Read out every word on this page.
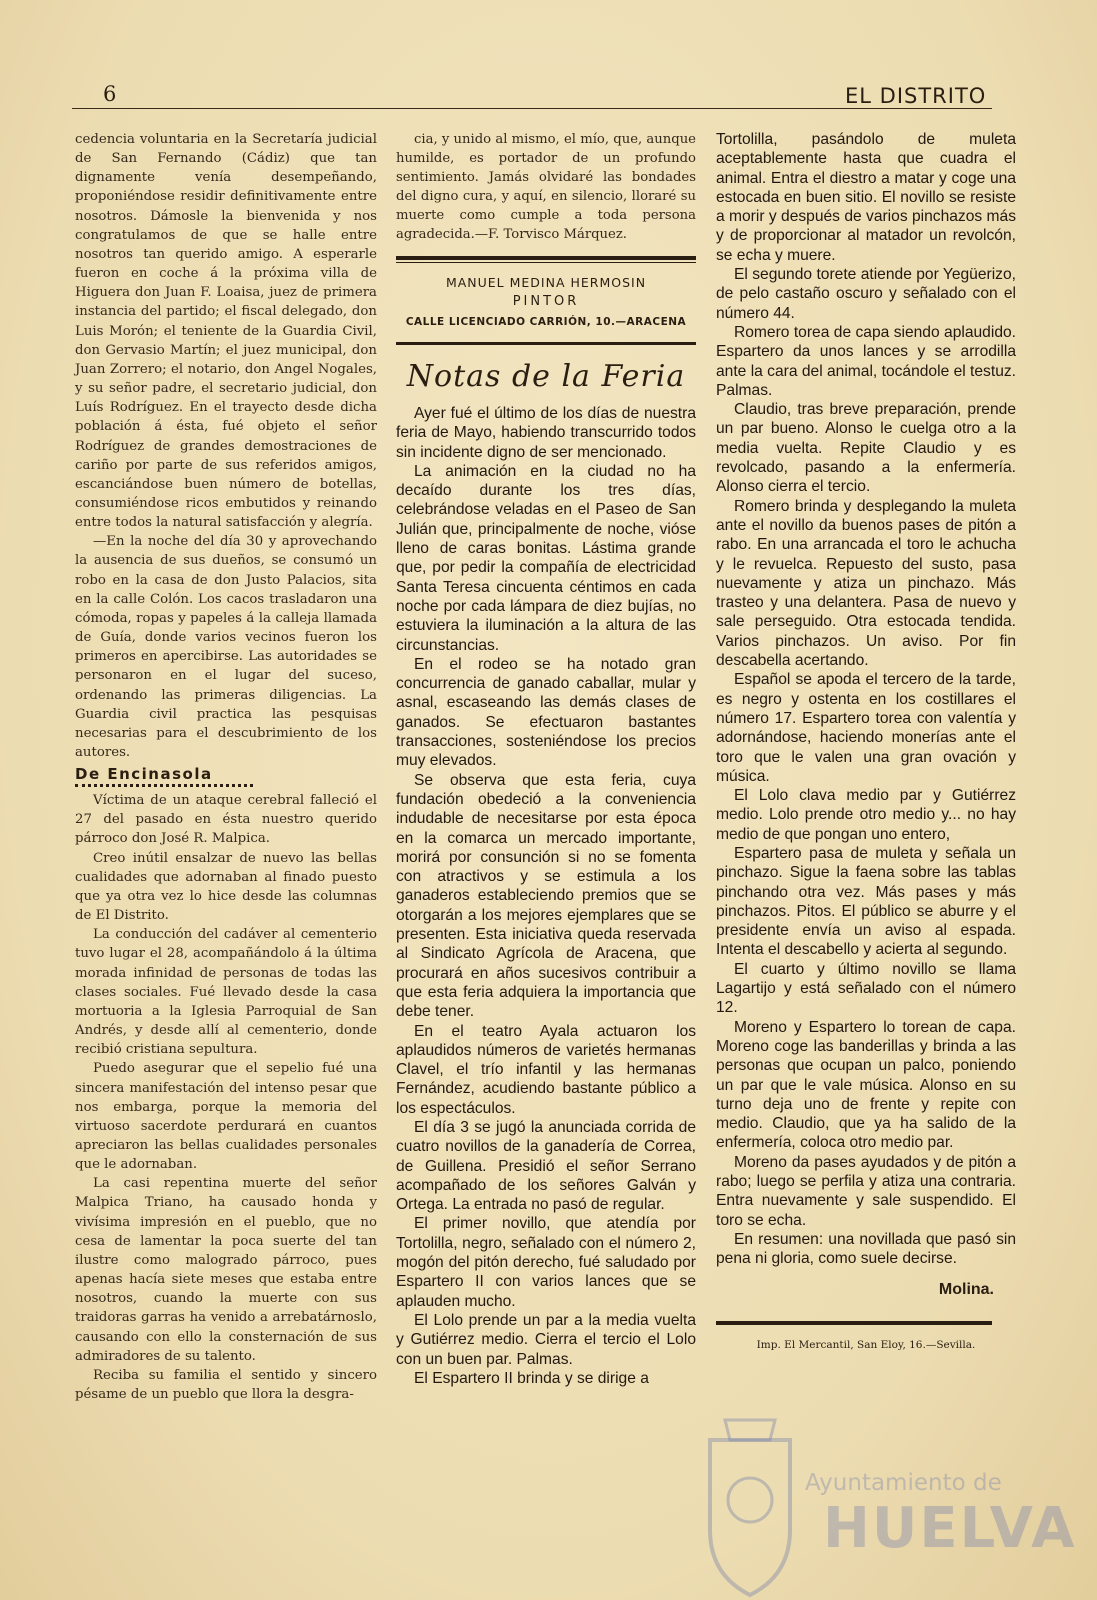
6	EL DISTRITO

cedencia voluntaria en la Secretaría judicial de San Fernando (Cádiz) que tan dignamente venía desempeñando, proponiéndose residir definitivamente entre nosotros. Dámosle la bienvenida y nos congratulamos de que se halle entre nosotros tan querido amigo. A esperarle fueron en coche á la próxima villa de Higuera don Juan F. Loaisa, juez de primera instancia del partido; el fiscal delegado, don Luis Morón; el teniente de la Guardia Civil, don Gervasio Martín; el juez municipal, don Juan Zorrero; el notario, don Angel Nogales, y su señor padre, el secretario judicial, don Luís Rodríguez. En el trayecto desde dicha población á ésta, fué objeto el señor Rodríguez de grandes demostraciones de cariño por parte de sus referidos amigos, escanciándose buen número de botellas, consumiéndose ricos embutidos y reinando entre todos la natural satisfacción y alegría.

—En la noche del día 30 y aprovechando la ausencia de sus dueños, se consumó un robo en la casa de don Justo Palacios, sita en la calle Colón. Los cacos trasladaron una cómoda, ropas y papeles á la calleja llamada de Guía, donde varios vecinos fueron los primeros en apercibirse. Las autoridades se personaron en el lugar del suceso, ordenando las primeras diligencias. La Guardia civil practica las pesquisas necesarias para el descubrimiento de los autores.

De Encinasola

Víctima de un ataque cerebral falleció el 27 del pasado en ésta nuestro querido párroco don José R. Malpica.

Creo inútil ensalzar de nuevo las bellas cualidades que adornaban al finado puesto que ya otra vez lo hice desde las columnas de El Distrito.

La conducción del cadáver al cementerio tuvo lugar el 28, acompañándolo á la última morada infinidad de personas de todas las clases sociales. Fué llevado desde la casa mortuoria a la Iglesia Parroquial de San Andrés, y desde allí al cementerio, donde recibió cristiana sepultura.

Puedo asegurar que el sepelio fué una sincera manifestación del intenso pesar que nos embarga, porque la memoria del virtuoso sacerdote perdurará en cuantos apreciaron las bellas cualidades personales que le adornaban.

La casi repentina muerte del señor Malpica Triano, ha causado honda y vivísima impresión en el pueblo, que no cesa de lamentar la poca suerte del tan ilustre como malogrado párroco, pues apenas hacía siete meses que estaba entre nosotros, cuando la muerte con sus traidoras garras ha venido a arrebatárnoslo, causando con ello la consternación de sus admiradores de su talento.

Reciba su familia el sentido y sincero pésame de un pueblo que llora la desgra-

cia, y unido al mismo, el mío, que, aunque humilde, es portador de un profundo sentimiento. Jamás olvidaré las bondades del digno cura, y aquí, en silencio, lloraré su muerte como cumple a toda persona agradecida.—F. Torvisco Márquez.

MANUEL MEDINA HERMOSIN
PINTOR
CALLE LICENCIADO CARRIÓN, 10.—ARACENA
Notas de la Feria

Ayer fué el último de los días de nuestra feria de Mayo, habiendo transcurrido todos sin incidente digno de ser mencionado.

La animación en la ciudad no ha decaído durante los tres días, celebrándose veladas en el Paseo de San Julián que, principalmente de noche, vióse lleno de caras bonitas. Lástima grande que, por pedir la compañía de electricidad Santa Teresa cincuenta céntimos en cada noche por cada lámpara de diez bujías, no estuviera la iluminación a la altura de las circunstancias.

En el rodeo se ha notado gran concurrencia de ganado caballar, mular y asnal, escaseando las demás clases de ganados. Se efectuaron bastantes transacciones, sosteniéndose los precios muy elevados.

Se observa que esta feria, cuya fundación obedeció a la conveniencia indudable de necesitarse por esta época en la comarca un mercado importante, morirá por consunción si no se fomenta con atractivos y se estimula a los ganaderos estableciendo premios que se otorgarán a los mejores ejemplares que se presenten. Esta iniciativa queda reservada al Sindicato Agrícola de Aracena, que procurará en años sucesivos contribuir a que esta feria adquiera la importancia que debe tener.

En el teatro Ayala actuaron los aplaudidos números de varietés hermanas Clavel, el trío infantil y las hermanas Fernández, acudiendo bastante público a los espectáculos.

El día 3 se jugó la anunciada corrida de cuatro novillos de la ganadería de Correa, de Guillena. Presidió el señor Serrano acompañado de los señores Galván y Ortega. La entrada no pasó de regular.

El primer novillo, que atendía por Tortolilla, negro, señalado con el número 2, mogón del pitón derecho, fué saludado por Espartero II con varios lances que se aplauden mucho.

El Lolo prende un par a la media vuelta y Gutiérrez medio. Cierra el tercio el Lolo con un buen par. Palmas.

El Espartero II brinda y se dirige a

Tortolilla, pasándolo de muleta aceptablemente hasta que cuadra el animal. Entra el diestro a matar y coge una estocada en buen sitio. El novillo se resiste a morir y después de varios pinchazos más y de proporcionar al matador un revolcón, se echa y muere.

El segundo torete atiende por Yegüerizo, de pelo castaño oscuro y señalado con el número 44.

Romero torea de capa siendo aplaudido. Espartero da unos lances y se arrodilla ante la cara del animal, tocándole el testuz. Palmas.

Claudio, tras breve preparación, prende un par bueno. Alonso le cuelga otro a la media vuelta. Repite Claudio y es revolcado, pasando a la enfermería. Alonso cierra el tercio.

Romero brinda y desplegando la muleta ante el novillo da buenos pases de pitón a rabo. En una arrancada el toro le achucha y le revuelca. Repuesto del susto, pasa nuevamente y atiza un pinchazo. Más trasteo y una delantera. Pasa de nuevo y sale perseguido. Otra estocada tendida. Varios pinchazos. Un aviso. Por fin descabella acertando.

Español se apoda el tercero de la tarde, es negro y ostenta en los costillares el número 17. Espartero torea con valentía y adornándose, haciendo monerías ante el toro que le valen una gran ovación y música.

El Lolo clava medio par y Gutiérrez medio. Lolo prende otro medio y... no hay medio de que pongan uno entero,

Espartero pasa de muleta y señala un pinchazo. Sigue la faena sobre las tablas pinchando otra vez. Más pases y más pinchazos. Pitos. El público se aburre y el presidente envía un aviso al espada. Intenta el descabello y acierta al segundo.

El cuarto y último novillo se llama Lagartijo y está señalado con el número 12.

Moreno y Espartero lo torean de capa. Moreno coge las banderillas y brinda a las personas que ocupan un palco, poniendo un par que le vale música. Alonso en su turno deja uno de frente y repite con medio. Claudio, que ya ha salido de la enfermería, coloca otro medio par.

Moreno da pases ayudados y de pitón a rabo; luego se perfila y atiza una contraria. Entra nuevamente y sale suspendido. El toro se echa.

En resumen: una novillada que pasó sin pena ni gloria, como suele decirse.

Molina.
Imp. El Mercantil, San Eloy, 16.—Sevilla.
Ayuntamiento de
HUELVA
